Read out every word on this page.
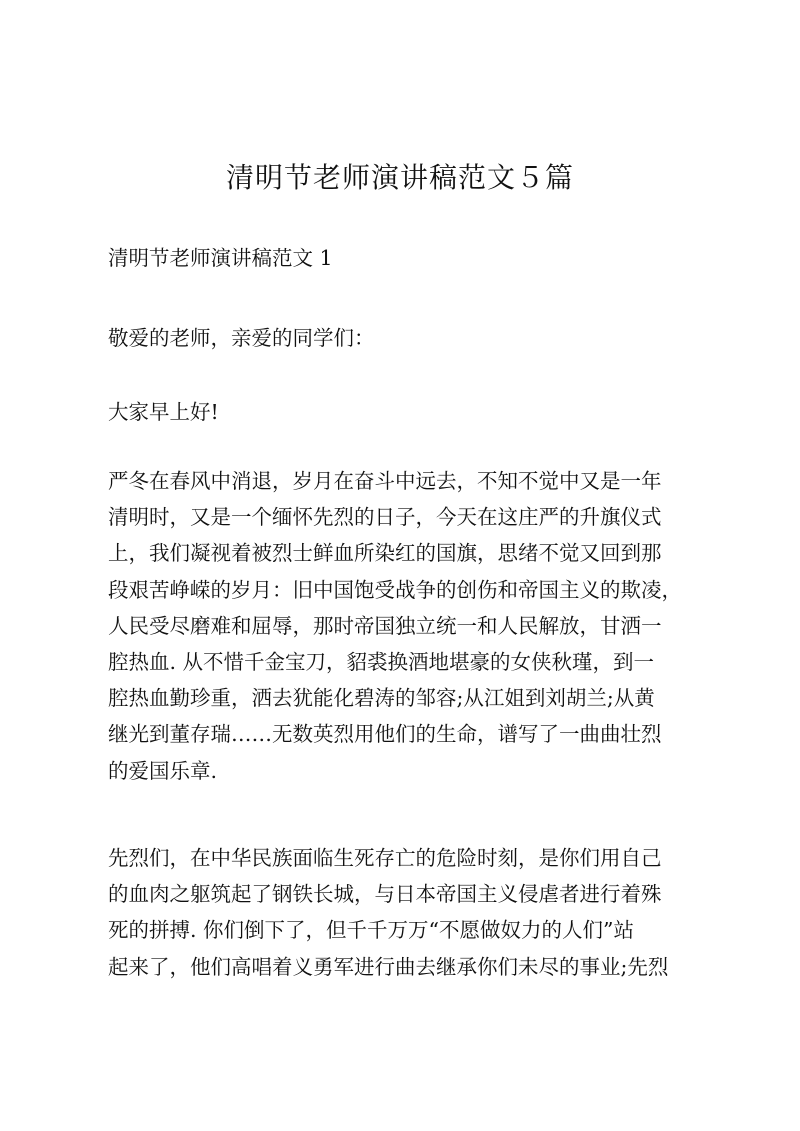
清明节老师演讲稿范文５篇

清明节老师演讲稿范文 1

敬爱的老师，亲爱的同学们：

大家早上好!

严冬在春风中消退，岁月在奋斗中远去，不知不觉中又是一年
清明时，又是一个缅怀先烈的日子，今天在这庄严的升旗仪式
上，我们凝视着被烈士鲜血所染红的国旗，思绪不觉又回到那
段艰苦峥嵘的岁月：旧中国饱受战争的创伤和帝国主义的欺凌，
人民受尽磨难和屈辱，那时帝国独立统一和人民解放，甘洒一
腔热血. 从不惜千金宝刀，貂裘换酒地堪豪的女侠秋瑾，到一
腔热血勤珍重，洒去犹能化碧涛的邹容;从江姐到刘胡兰;从黄
继光到董存瑞……无数英烈用他们的生命，谱写了一曲曲壮烈
的爱国乐章.
先烈们，在中华民族面临生死存亡的危险时刻，是你们用自己
的血肉之躯筑起了钢铁长城，与日本帝国主义侵虐者进行着殊
死的拼搏. 你们倒下了，但千千万万“不愿做奴力的人们”站
起来了，他们高唱着义勇军进行曲去继承你们未尽的事业;先烈
